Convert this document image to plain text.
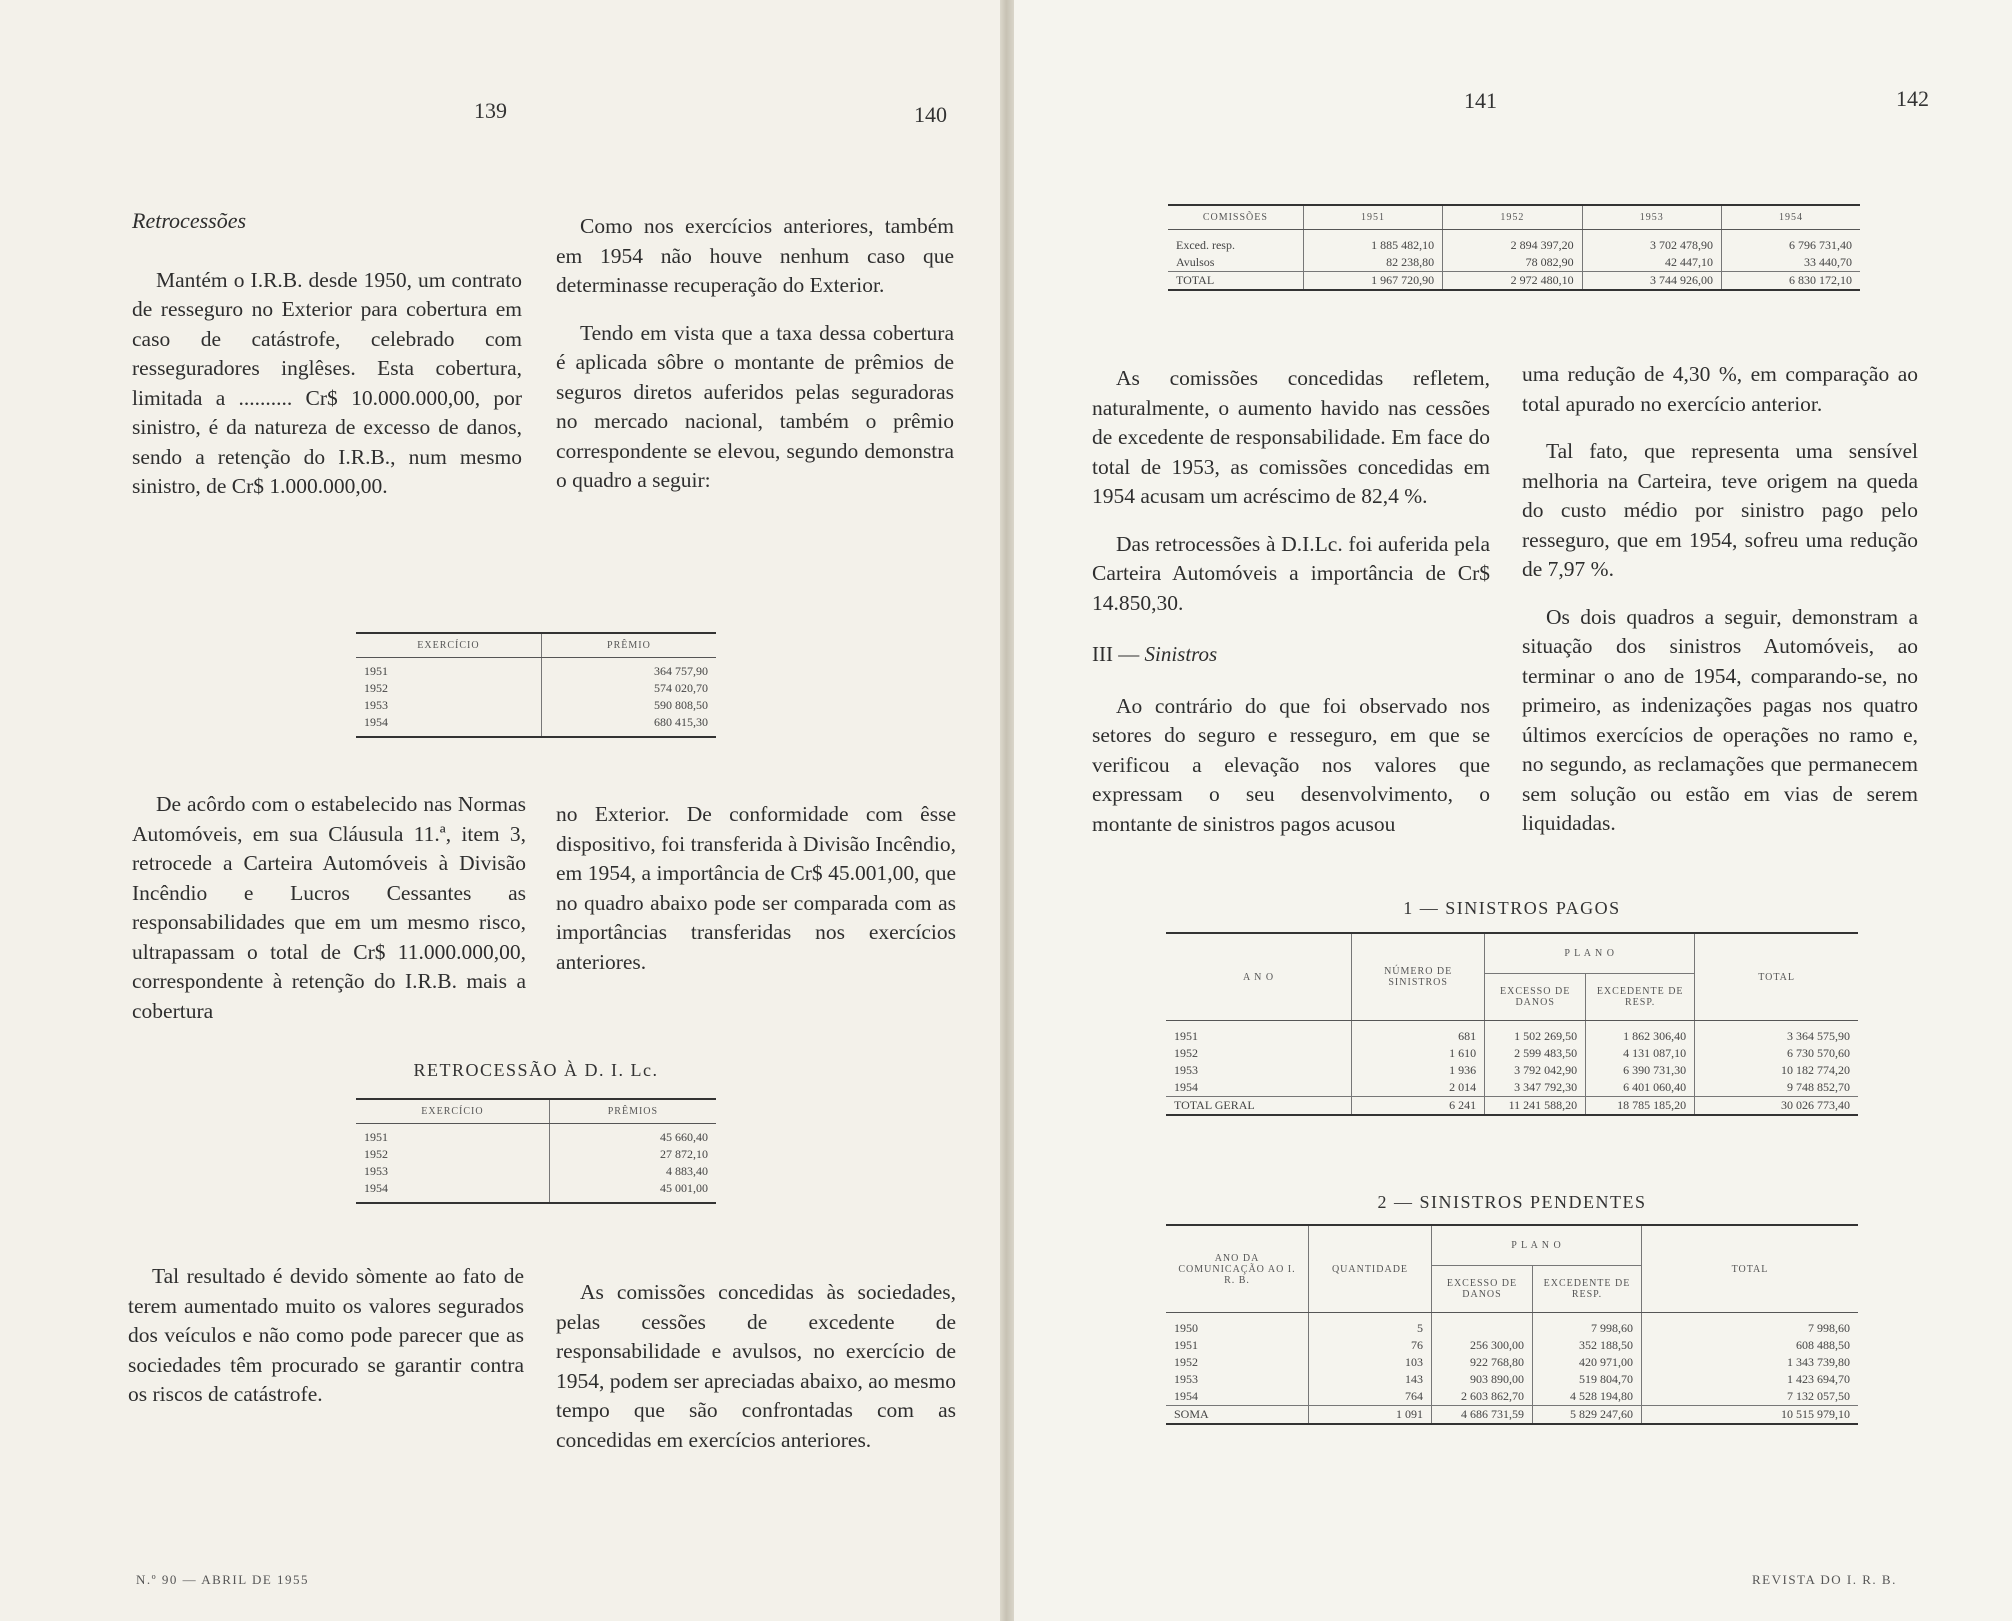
139	140
141	142
Retrocessões

Mantém o I.R.B. desde 1950, um contrato de resseguro no Exterior para cobertura em caso de catástrofe, celebrado com resseguradores inglêses. Esta cobertura, limitada a .......... Cr$ 10.000.000,00, por sinistro, é da natureza de excesso de danos, sendo a retenção do I.R.B., num mesmo sinistro, de Cr$ 1.000.000,00.

Como nos exercícios anteriores, também em 1954 não houve nenhum caso que determinasse recuperação do Exterior.

Tendo em vista que a taxa dessa cobertura é aplicada sôbre o montante de prêmios de seguros diretos auferidos pelas seguradoras no mercado nacional, também o prêmio correspondente se elevou, segundo demonstra o quadro a seguir:

EXERCÍCIO	PRÊMIO
1951	364 757,90
1952	574 020,70
1953	590 808,50
1954	680 415,30

De acôrdo com o estabelecido nas Normas Automóveis, em sua Cláusula 11.ª, item 3, retrocede a Carteira Automóveis à Divisão Incêndio e Lucros Cessantes as responsabilidades que em um mesmo risco, ultrapassam o total de Cr$ 11.000.000,00, correspondente à retenção do I.R.B. mais a cobertura

Tal resultado é devido sòmente ao fato de terem aumentado muito os valores segurados dos veículos e não como pode parecer que as sociedades têm procurado se garantir contra os riscos de catástrofe.

no Exterior. De conformidade com êsse dispositivo, foi transferida à Divisão Incêndio, em 1954, a importância de Cr$ 45.001,00, que no quadro abaixo pode ser comparada com as importâncias transferidas nos exercícios anteriores.

RETROCESSÃO À D. I. Lc.
EXERCÍCIO	PRÊMIOS
1951	45 660,40
1952	27 872,10
1953	4 883,40
1954	45 001,00

As comissões concedidas às sociedades, pelas cessões de excedente de responsabilidade e avulsos, no exercício de 1954, podem ser apreciadas abaixo, ao mesmo tempo que são confrontadas com as concedidas em exercícios anteriores.

COMISSÕES	1951	1952	1953	1954
Exced. resp.	1 885 482,10	2 894 397,20	3 702 478,90	6 796 731,40
Avulsos	82 238,80	78 082,90	42 447,10	33 440,70
TOTAL	1 967 720,90	2 972 480,10	3 744 926,00	6 830 172,10

As comissões concedidas refletem, naturalmente, o aumento havido nas cessões de excedente de responsabilidade. Em face do total de 1953, as comissões concedidas em 1954 acusam um acréscimo de 82,4 %.

Das retrocessões à D.I.Lc. foi auferida pela Carteira Automóveis a importância de Cr$ 14.850,30.

III — Sinistros

Ao contrário do que foi observado nos setores do seguro e resseguro, em que se verificou a elevação nos valores que expressam o seu desenvolvimento, o montante de sinistros pagos acusou

uma redução de 4,30 %, em comparação ao total apurado no exercício anterior.

Tal fato, que representa uma sensível melhoria na Carteira, teve origem na queda do custo médio por sinistro pago pelo resseguro, que em 1954, sofreu uma redução de 7,97 %.

Os dois quadros a seguir, demonstram a situação dos sinistros Automóveis, ao terminar o ano de 1954, comparando-se, no primeiro, as indenizações pagas nos quatro últimos exercícios de operações no ramo e, no segundo, as reclamações que permanecem sem solução ou estão em vias de serem liquidadas.

1 — SINISTROS PAGOS
A N O	NÚMERO DE SINISTROS	P L A N O		TOTAL
		EXCESSO DE DANOS	EXCEDENTE DE RESP.	
1951	681	1 502 269,50	1 862 306,40	3 364 575,90
1952	1 610	2 599 483,50	4 131 087,10	6 730 570,60
1953	1 936	3 792 042,90	6 390 731,30	10 182 774,20
1954	2 014	3 347 792,30	6 401 060,40	9 748 852,70
TOTAL GERAL	6 241	11 241 588,20	18 785 185,20	30 026 773,40
2 — SINISTROS PENDENTES
ANO DA COMUNICAÇÃO AO I. R. B.	QUANTIDADE	P L A N O		TOTAL
		EXCESSO DE DANOS	EXCEDENTE DE RESP.	
1950	5		7 998,60	7 998,60
1951	76	256 300,00	352 188,50	608 488,50
1952	103	922 768,80	420 971,00	1 343 739,80
1953	143	903 890,00	519 804,70	1 423 694,70
1954	764	2 603 862,70	4 528 194,80	7 132 057,50
SOMA	1 091	4 686 731,59	5 829 247,60	10 515 979,10
N.º 90 — ABRIL DE 1955	REVISTA DO I. R. B.
